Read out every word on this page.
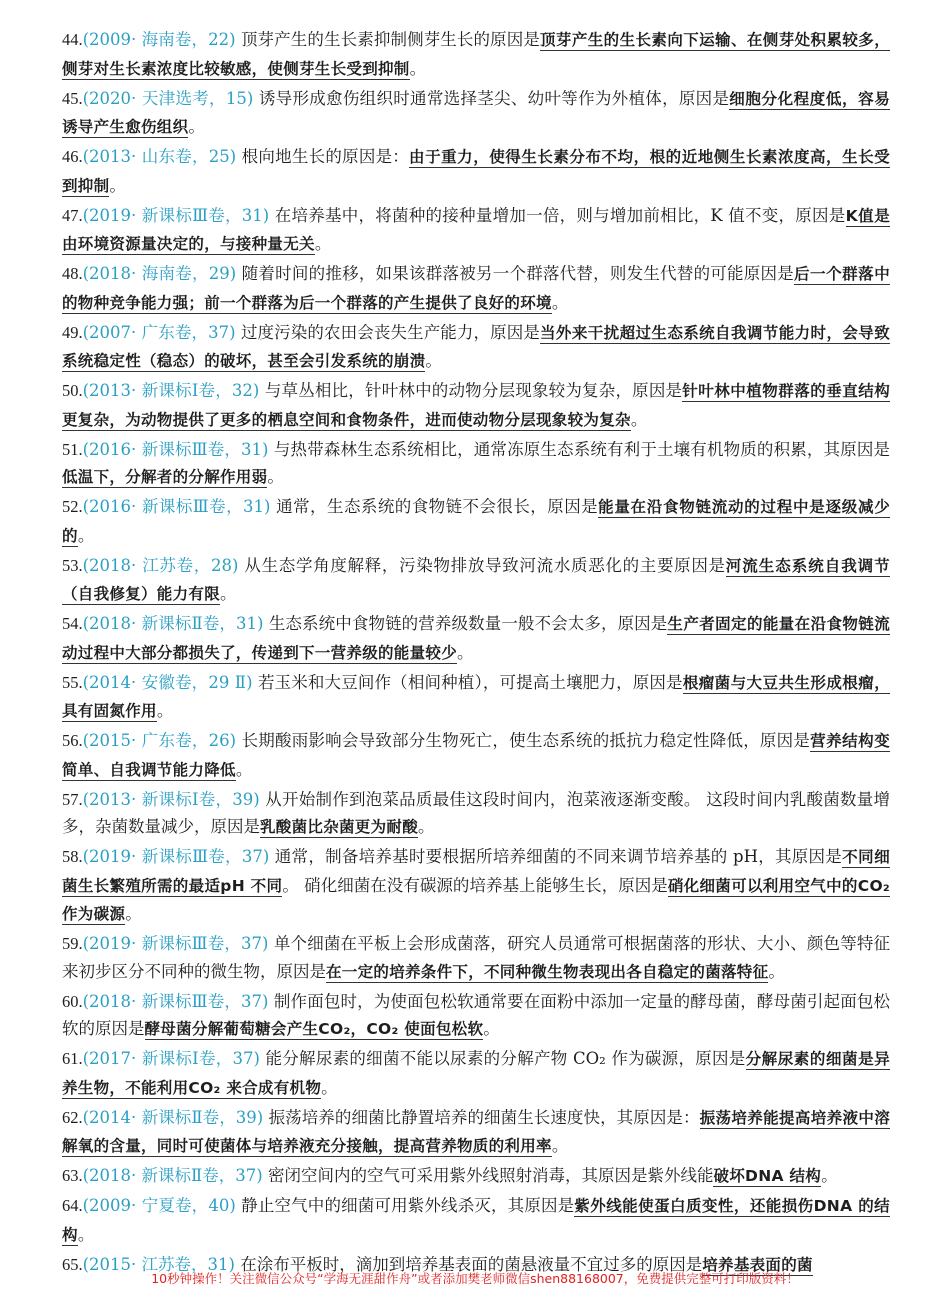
44.(2009· 海南卷，22) 顶芽产生的生长素抑制侧芽生长的原因是顶芽产生的生长素向下运输、在侧芽处积累较多，侧芽对生长素浓度比较敏感，使侧芽生长受到抑制。
45.(2020· 天津选考，15) 诱导形成愈伤组织时通常选择茎尖、幼叶等作为外植体，原因是细胞分化程度低，容易诱导产生愈伤组织。
46.(2013· 山东卷，25) 根向地生长的原因是：由于重力，使得生长素分布不均，根的近地侧生长素浓度高，生长受到抑制。
47.(2019· 新课标Ⅲ卷，31) 在培养基中，将菌种的接种量增加一倍，则与增加前相比，K 值不变，原因是K值是由环境资源量决定的，与接种量无关。
48.(2018· 海南卷，29) 随着时间的推移，如果该群落被另一个群落代替，则发生代替的可能原因是后一个群落中的物种竞争能力强；前一个群落为后一个群落的产生提供了良好的环境。
49.(2007· 广东卷，37) 过度污染的农田会丧失生产能力，原因是当外来干扰超过生态系统自我调节能力时，会导致系统稳定性（稳态）的破坏，甚至会引发系统的崩溃。
50.(2013· 新课标Ⅰ卷，32) 与草丛相比，针叶林中的动物分层现象较为复杂，原因是针叶林中植物群落的垂直结构更复杂，为动物提供了更多的栖息空间和食物条件，进而使动物分层现象较为复杂。
51.(2016· 新课标Ⅲ卷，31) 与热带森林生态系统相比，通常冻原生态系统有利于土壤有机物质的积累，其原因是低温下，分解者的分解作用弱。
52.(2016· 新课标Ⅲ卷，31) 通常，生态系统的食物链不会很长，原因是能量在沿食物链流动的过程中是逐级减少的。
53.(2018· 江苏卷，28) 从生态学角度解释，污染物排放导致河流水质恶化的主要原因是河流生态系统自我调节（自我修复）能力有限。
54.(2018· 新课标Ⅱ卷，31) 生态系统中食物链的营养级数量一般不会太多，原因是生产者固定的能量在沿食物链流动过程中大部分都损失了，传递到下一营养级的能量较少。
55.(2014· 安徽卷，29 Ⅱ) 若玉米和大豆间作（相间种植），可提高土壤肥力，原因是根瘤菌与大豆共生形成根瘤，具有固氮作用。
56.(2015· 广东卷，26) 长期酸雨影响会导致部分生物死亡，使生态系统的抵抗力稳定性降低，原因是营养结构变简单、自我调节能力降低。
57.(2013· 新课标Ⅰ卷，39) 从开始制作到泡菜品质最佳这段时间内，泡菜液逐渐变酸。 这段时间内乳酸菌数量增多，杂菌数量减少，原因是乳酸菌比杂菌更为耐酸。
58.(2019· 新课标Ⅲ卷，37) 通常，制备培养基时要根据所培养细菌的不同来调节培养基的 pH，其原因是不同细菌生长繁殖所需的最适pH 不同。 硝化细菌在没有碳源的培养基上能够生长，原因是硝化细菌可以利用空气中的CO₂ 作为碳源。
59.(2019· 新课标Ⅲ卷，37) 单个细菌在平板上会形成菌落，研究人员通常可根据菌落的形状、大小、颜色等特征来初步区分不同种的微生物，原因是在一定的培养条件下，不同种微生物表现出各自稳定的菌落特征。
60.(2018· 新课标Ⅲ卷，37) 制作面包时，为使面包松软通常要在面粉中添加一定量的酵母菌，酵母菌引起面包松软的原因是酵母菌分解葡萄糖会产生CO₂，CO₂ 使面包松软。
61.(2017· 新课标Ⅰ卷，37) 能分解尿素的细菌不能以尿素的分解产物 CO₂ 作为碳源，原因是分解尿素的细菌是异养生物，不能利用CO₂ 来合成有机物。
62.(2014· 新课标Ⅱ卷，39) 振荡培养的细菌比静置培养的细菌生长速度快，其原因是：振荡培养能提高培养液中溶解氧的含量，同时可使菌体与培养液充分接触，提高营养物质的利用率。
63.(2018· 新课标Ⅱ卷，37) 密闭空间内的空气可采用紫外线照射消毒，其原因是紫外线能破坏DNA 结构。
64.(2009· 宁夏卷，40) 静止空气中的细菌可用紫外线杀灭，其原因是紫外线能使蛋白质变性，还能损伤DNA 的结构。
65.(2015· 江苏卷，31) 在涂布平板时，滴加到培养基表面的菌悬液量不宜过多的原因是培养基表面的菌
10秒钟操作！关注微信公众号“学海无涯甜作舟”或者添加樊老师微信shen88168007，免费提供完整可打印版资料！
